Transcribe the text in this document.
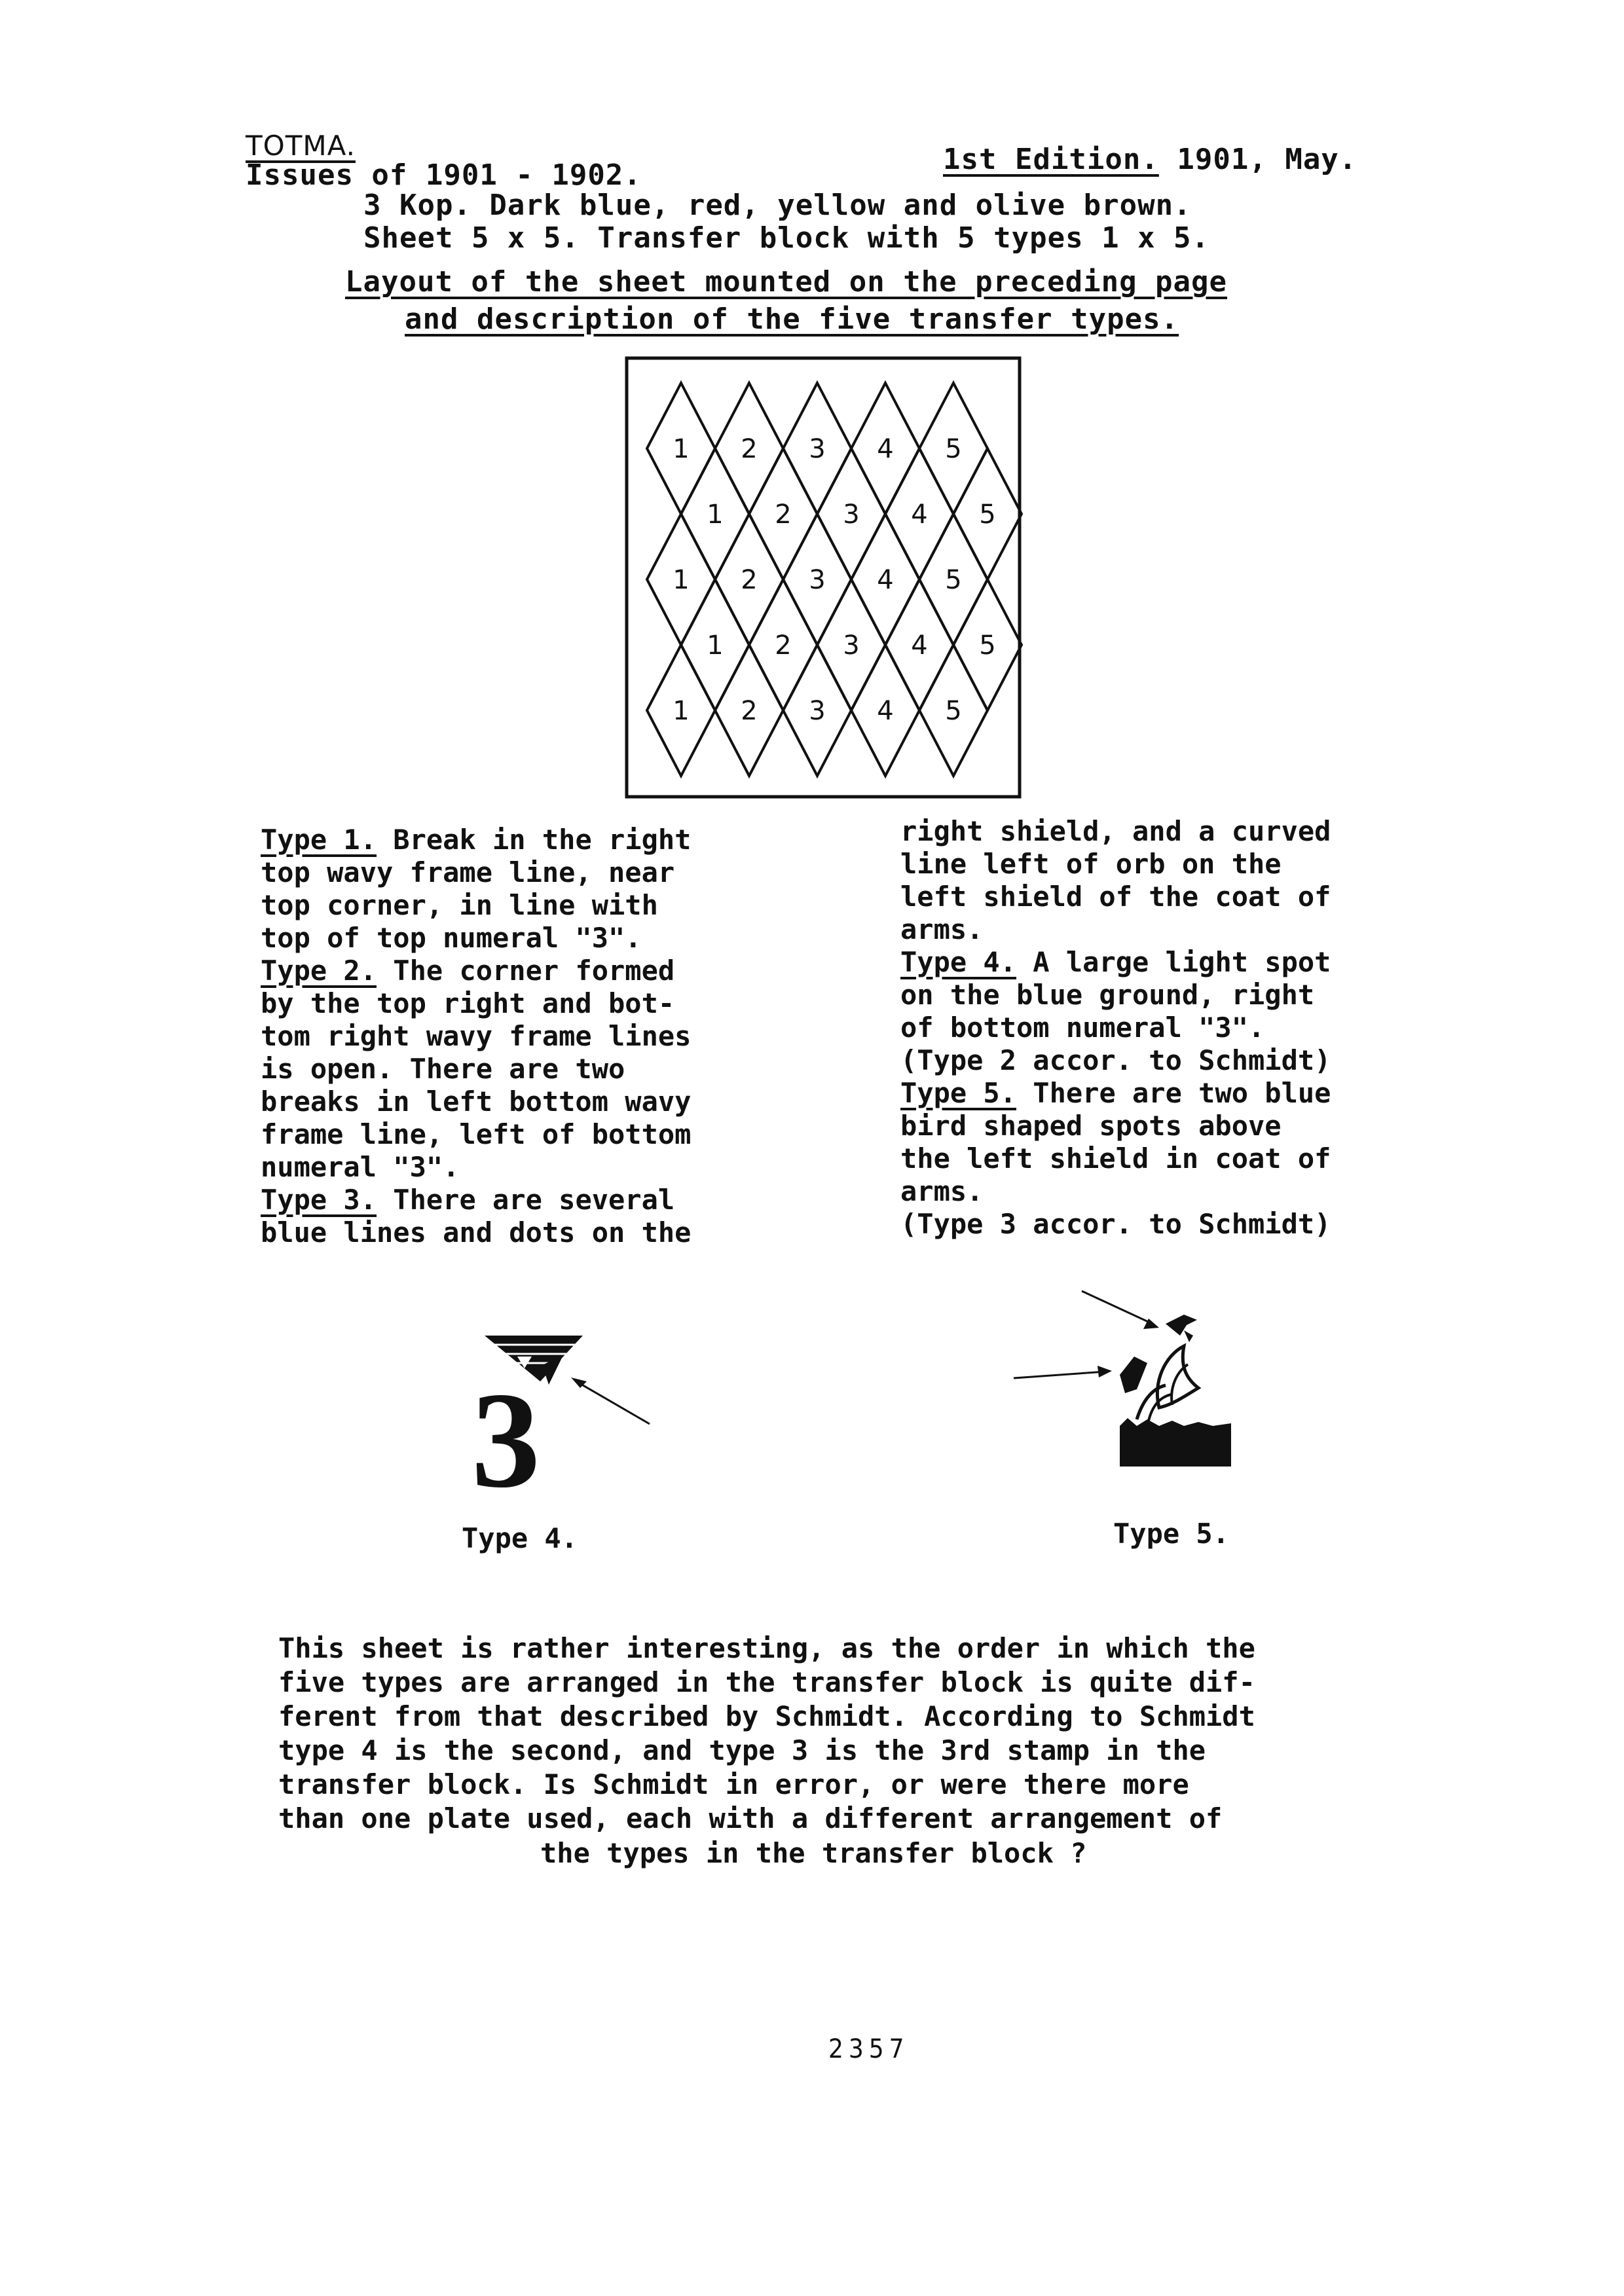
TOTMA.
Issues of 1901 - 1902.	1st Edition. 1901, May.
3 Kop. Dark blue, red, yellow and olive brown.
Sheet 5 x 5. Transfer block with 5 types 1 x 5.
Layout of the sheet mounted on the preceding page
and description of the five transfer types.
1 2 3 4 5
1 2 3 4 5
1 2 3 4 5
1 2 3 4 5
1 2 3 4 5
Type 1. Break in the right
top wavy frame line, near
top corner, in line with
top of top numeral "3".
Type 2. The corner formed
by the top right and bot-
tom right wavy frame lines
is open. There are two
breaks in left bottom wavy
frame line, left of bottom
numeral "3".
Type 3. There are several
blue lines and dots on the
right shield, and a curved
line left of orb on the
left shield of the coat of
arms.
Type 4. A large light spot
on the blue ground, right
of bottom numeral "3".
(Type 2 accor. to Schmidt)
Type 5. There are two blue
bird shaped spots above
the left shield in coat of
arms.
(Type 3 accor. to Schmidt)
3
Type 4.	Type 5.
This sheet is rather interesting, as the order in which the
five types are arranged in the transfer block is quite dif-
ferent from that described by Schmidt. According to Schmidt
type 4 is the second, and type 3 is the 3rd stamp in the
transfer block. Is Schmidt in error, or were there more
than one plate used, each with a different arrangement of
the types in the transfer block ?
2357
